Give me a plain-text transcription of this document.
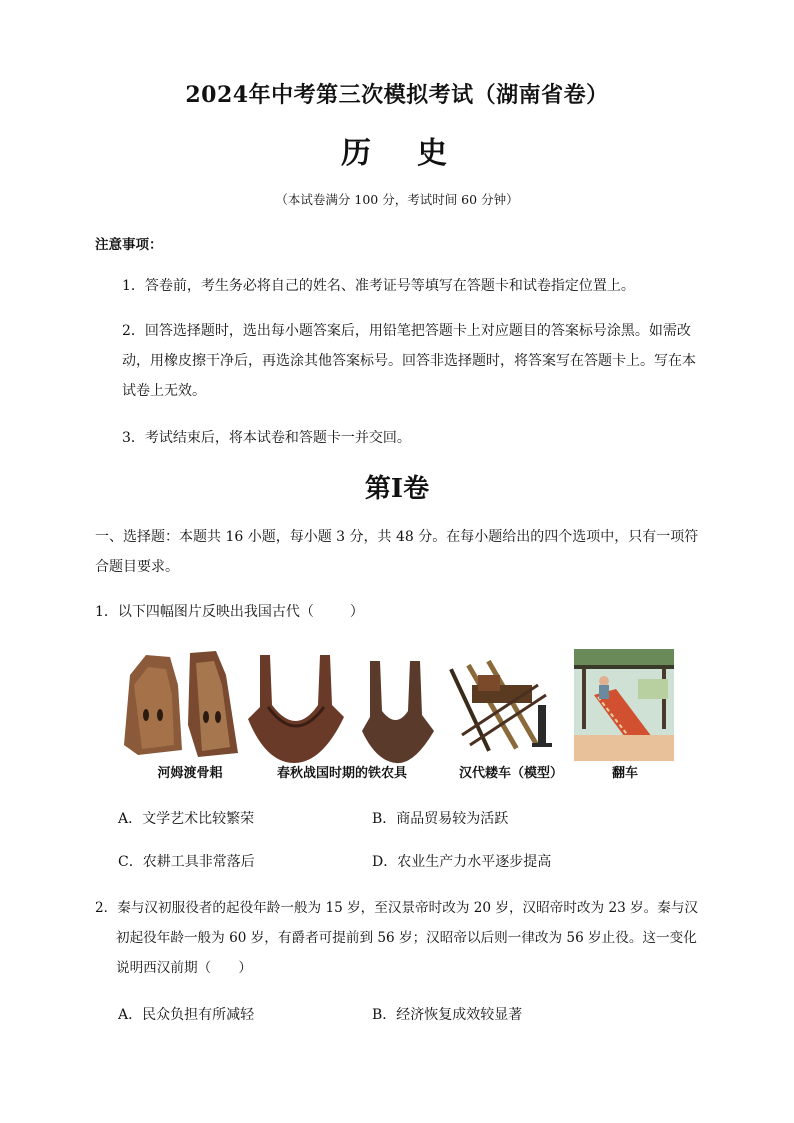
2024年中考第三次模拟考试（湖南省卷）
历 史
（本试卷满分 100 分，考试时间 60 分钟）
注意事项：
1．答卷前，考生务必将自己的姓名、准考证号等填写在答题卡和试卷指定位置上。
2．回答选择题时，选出每小题答案后，用铅笔把答题卡上对应题目的答案标号涂黑。如需改动，用橡皮擦干净后，再选涂其他答案标号。回答非选择题时，将答案写在答题卡上。写在本试卷上无效。
3．考试结束后，将本试卷和答题卡一并交回。
第Ⅰ卷
一、选择题：本题共 16 小题，每小题 3 分，共 48 分。在每小题给出的四个选项中，只有一项符合题目要求。
1．以下四幅图片反映出我国古代（	）
河姆渡骨耜	春秋战国时期的铁农具	汉代耧车（模型）	翻车
A．文学艺术比较繁荣	B．商品贸易较为活跃
C．农耕工具非常落后	D．农业生产力水平逐步提高
2．秦与汉初服役者的起役年龄一般为 15 岁，至汉景帝时改为 20 岁，汉昭帝时改为 23 岁。秦与汉
初起役年龄一般为 60 岁，有爵者可提前到 56 岁；汉昭帝以后则一律改为 56 岁止役。这一变化
说明西汉前期（　　）
A．民众负担有所减轻	B．经济恢复成效较显著
